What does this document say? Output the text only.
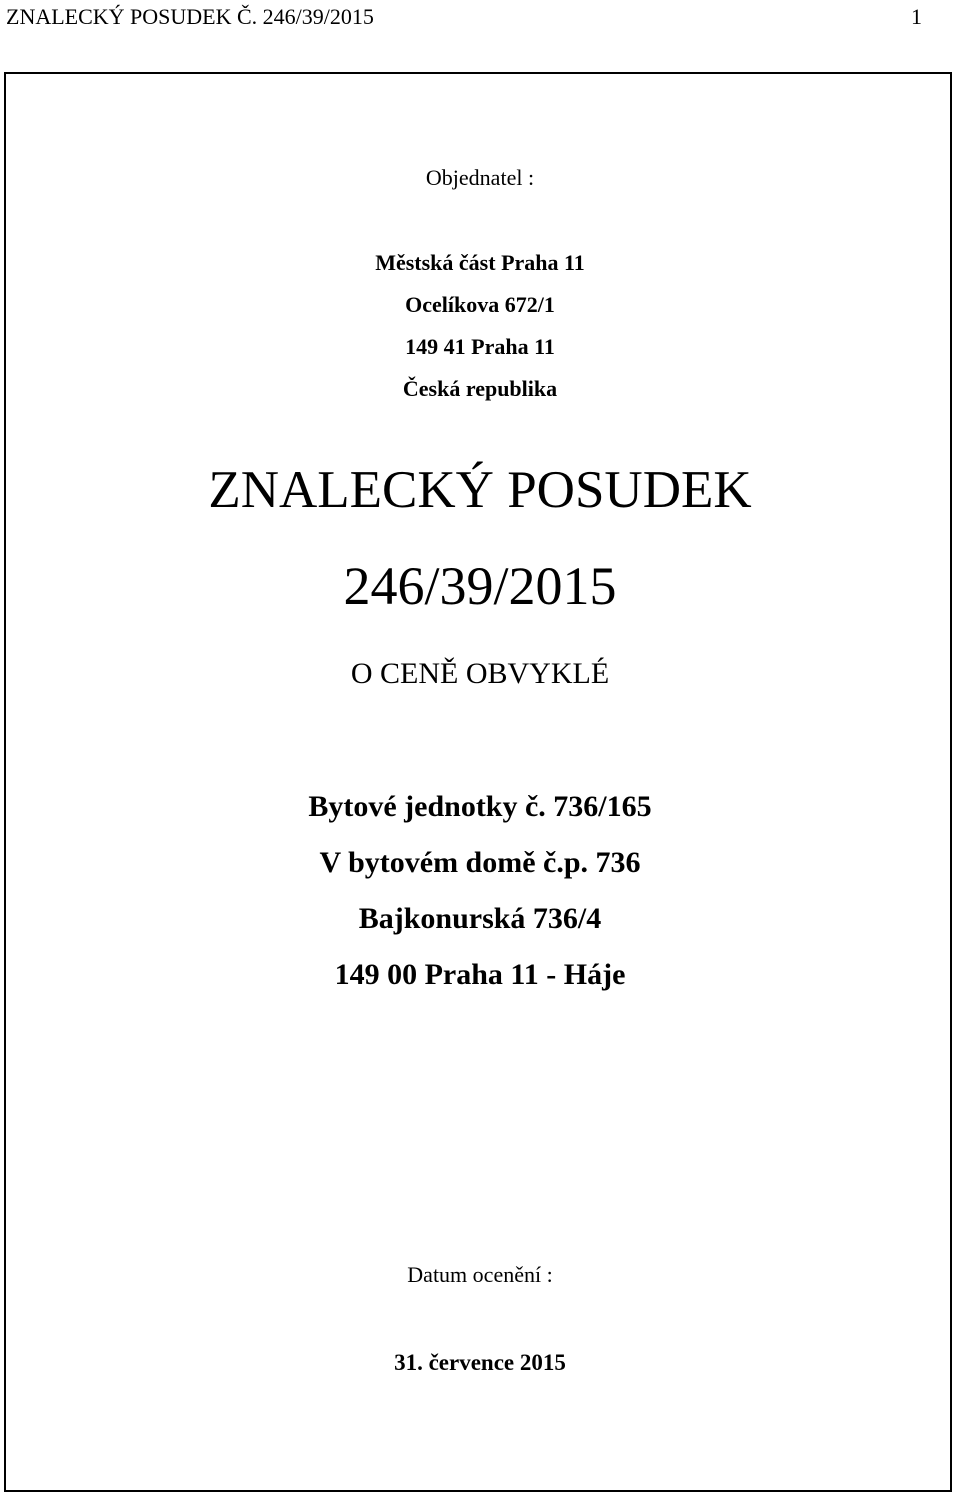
ZNALECKÝ POSUDEK Č. 246/39/2015	1
Objednatel :
Městská část Praha 11
Ocelíkova 672/1
149 41 Praha 11
Česká republika
ZNALECKÝ POSUDEK
246/39/2015
O CENĚ OBVYKLÉ
Bytové jednotky č. 736/165
V bytovém domě č.p. 736
Bajkonurská 736/4
149 00 Praha 11 - Háje
Datum ocenění :
31. července 2015
